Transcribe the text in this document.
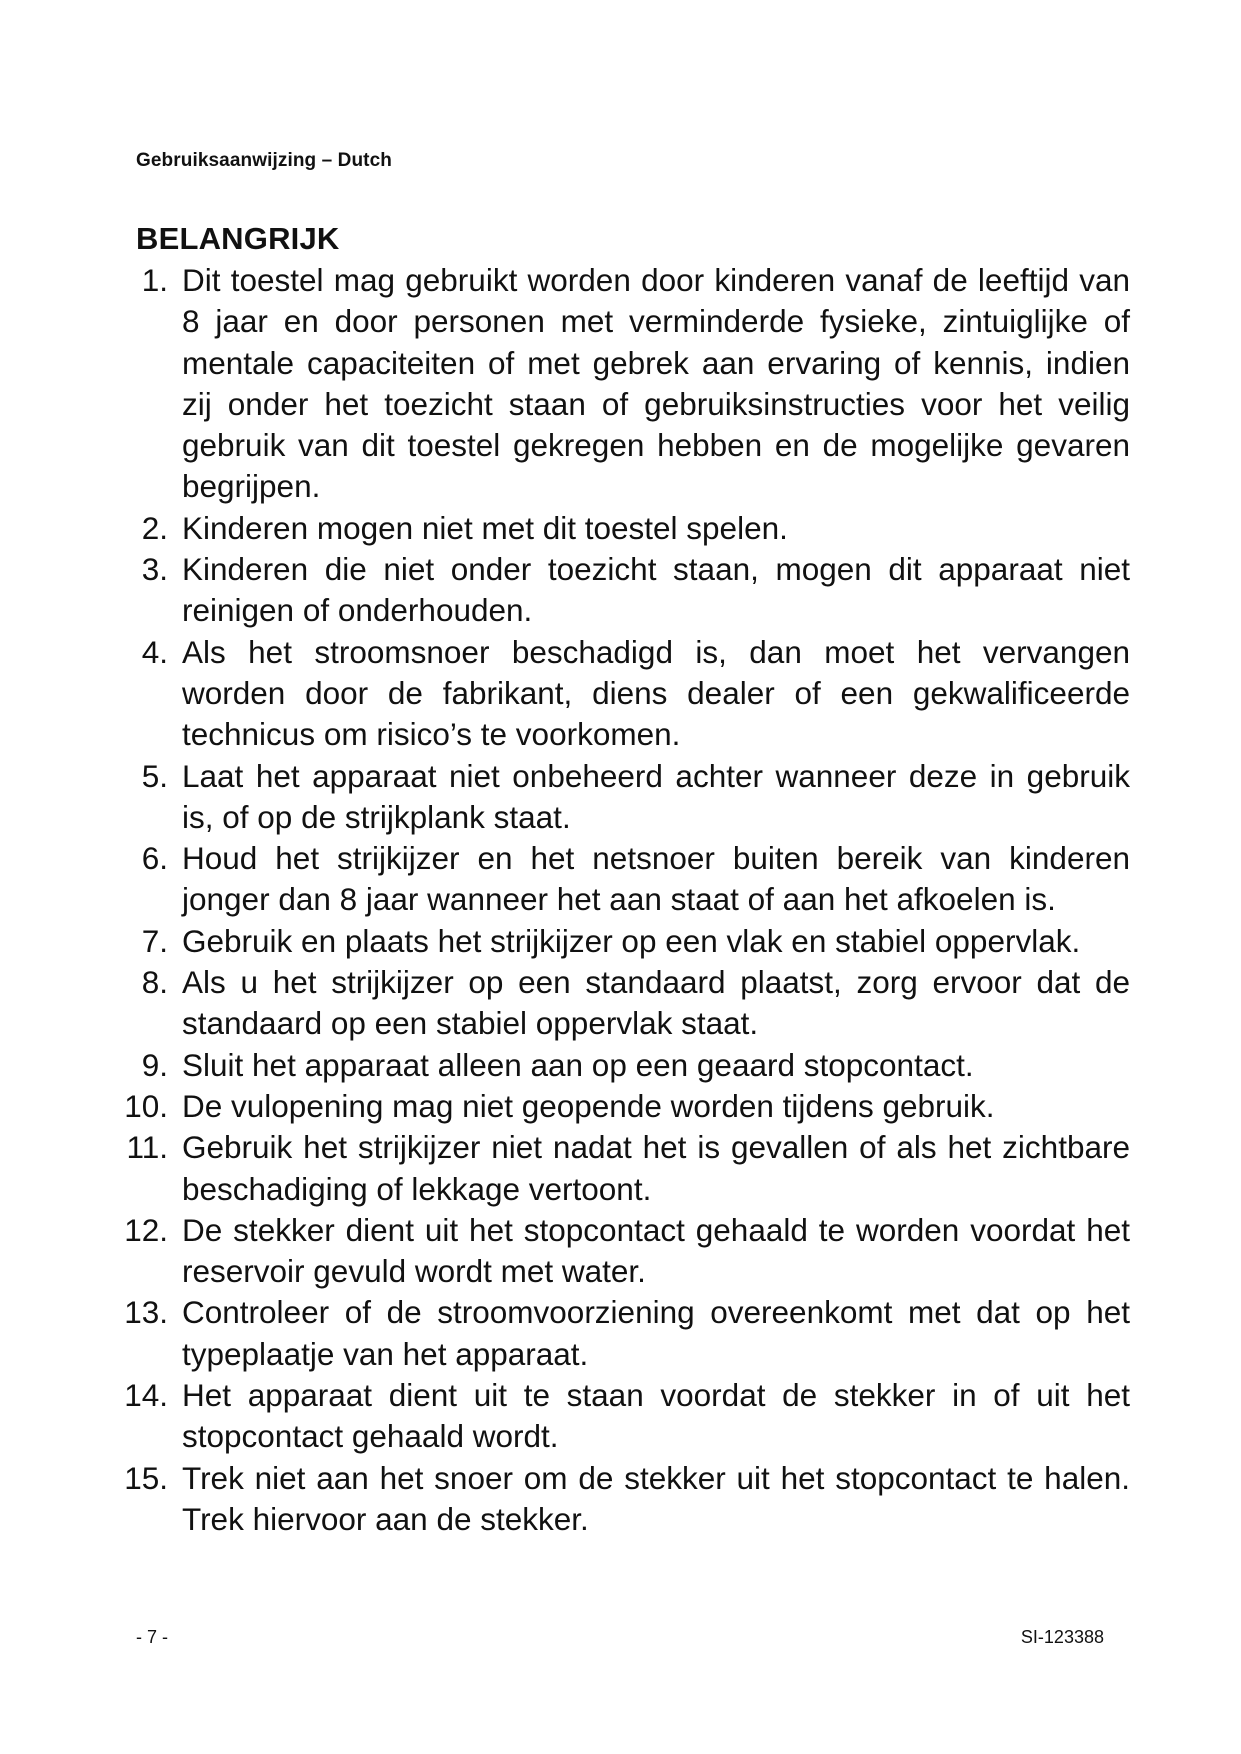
Gebruiksaanwijzing – Dutch
BELANGRIJK
1. Dit toestel mag gebruikt worden door kinderen vanaf de leeftijd van 8 jaar en door personen met verminderde fysieke, zintuiglijke of mentale capaciteiten of met gebrek aan ervaring of kennis, indien zij onder het toezicht staan of gebruiksinstructies voor het veilig gebruik van dit toestel gekregen hebben en de mogelijke gevaren begrijpen.
2. Kinderen mogen niet met dit toestel spelen.
3. Kinderen die niet onder toezicht staan, mogen dit apparaat niet reinigen of onderhouden.
4. Als het stroomsnoer beschadigd is, dan moet het vervangen worden door de fabrikant, diens dealer of een gekwalificeerde technicus om risico’s te voorkomen.
5. Laat het apparaat niet onbeheerd achter wanneer deze in gebruik is, of op de strijkplank staat.
6. Houd het strijkijzer en het netsnoer buiten bereik van kinderen jonger dan 8 jaar wanneer het aan staat of aan het afkoelen is.
7. Gebruik en plaats het strijkijzer op een vlak en stabiel oppervlak.
8. Als u het strijkijzer op een standaard plaatst, zorg ervoor dat de standaard op een stabiel oppervlak staat.
9. Sluit het apparaat alleen aan op een geaard stopcontact.
10. De vulopening mag niet geopende worden tijdens gebruik.
11. Gebruik het strijkijzer niet nadat het is gevallen of als het zichtbare beschadiging of lekkage vertoont.
12. De stekker dient uit het stopcontact gehaald te worden voordat het reservoir gevuld wordt met water.
13. Controleer of de stroomvoorziening overeenkomt met dat op het typeplaatje van het apparaat.
14. Het apparaat dient uit te staan voordat de stekker in of uit het stopcontact gehaald wordt.
15. Trek niet aan het snoer om de stekker uit het stopcontact te halen. Trek hiervoor aan de stekker.
- 7 -	SI-123388
